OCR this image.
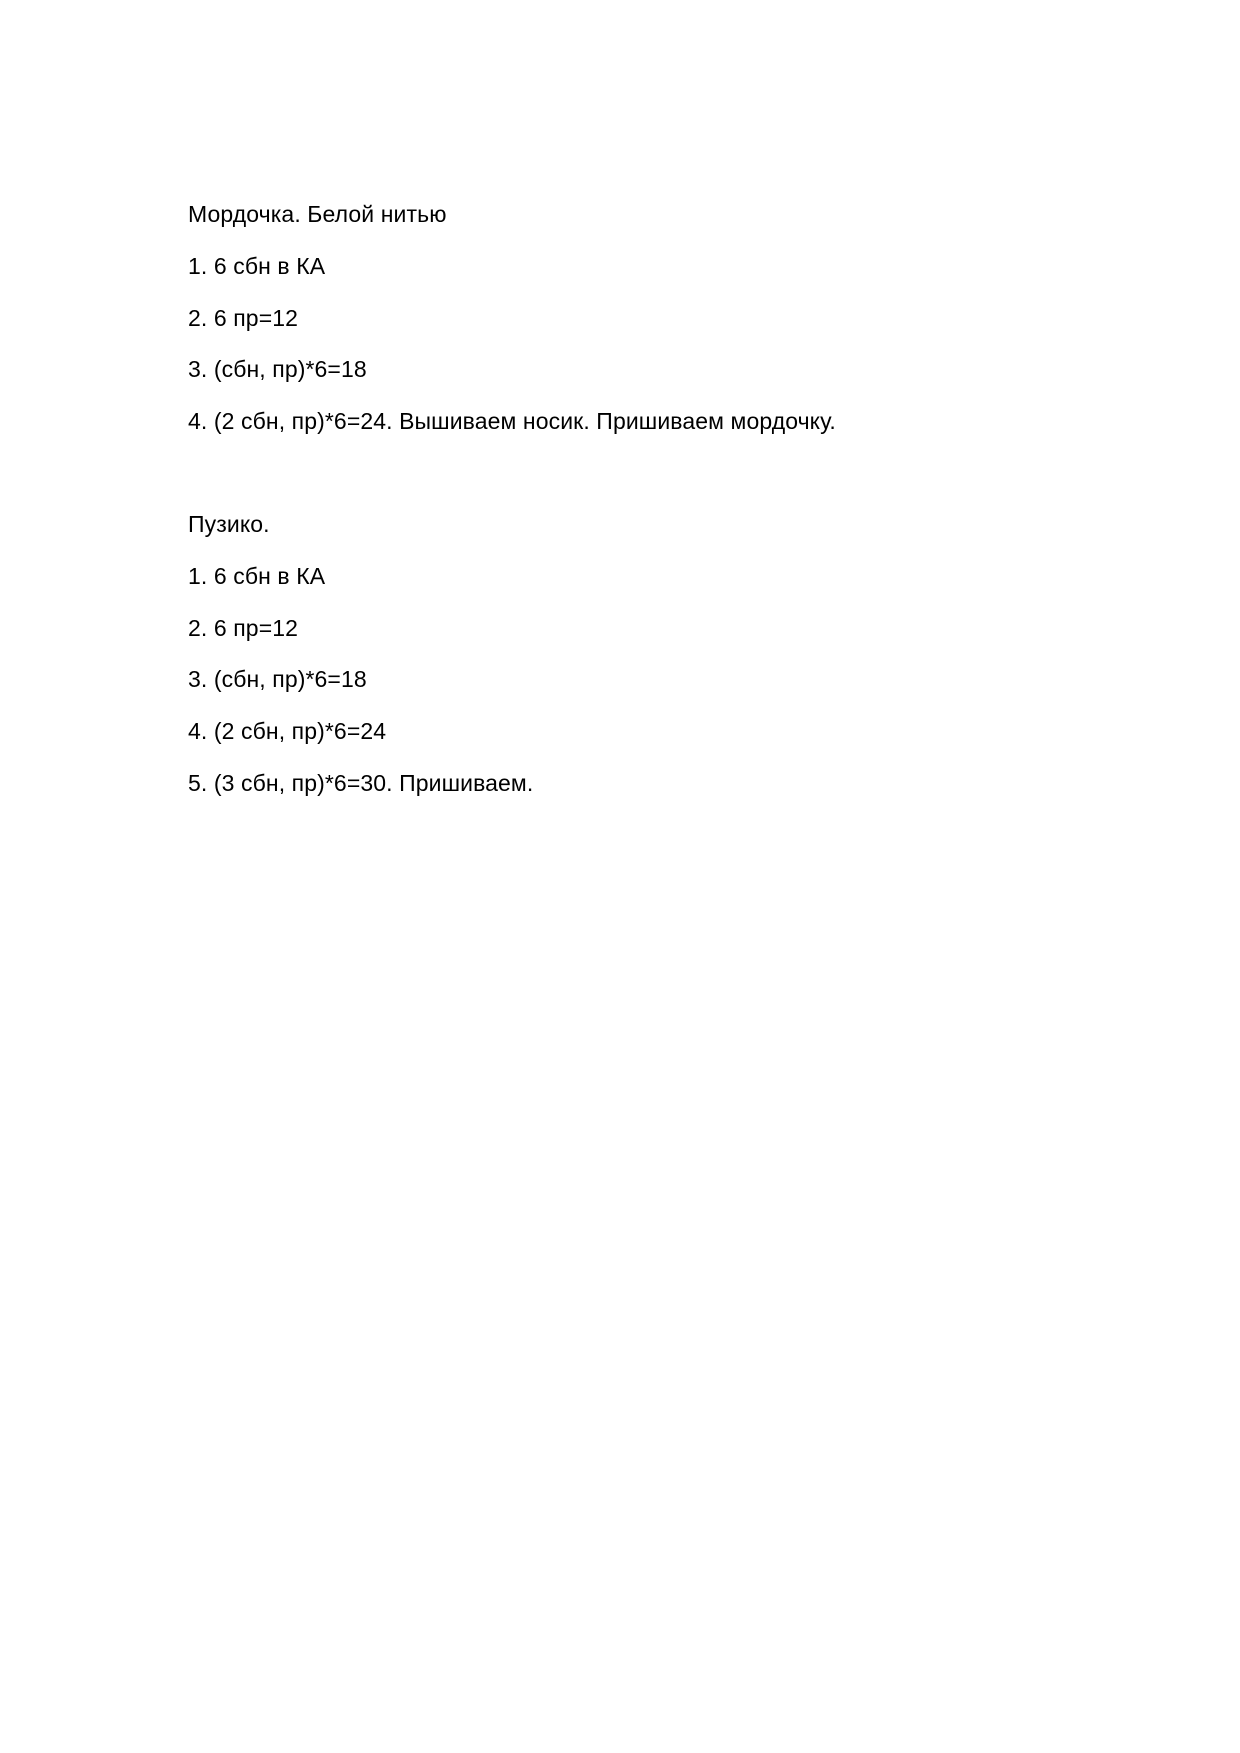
Мордочка. Белой нитью
1. 6 сбн в КА
2. 6 пр=12
3. (сбн, пр)*6=18
4. (2 сбн, пр)*6=24. Вышиваем носик. Пришиваем мордочку.
Пузико.
1. 6 сбн в КА
2. 6 пр=12
3. (сбн, пр)*6=18
4. (2 сбн, пр)*6=24
5. (3 сбн, пр)*6=30. Пришиваем.
